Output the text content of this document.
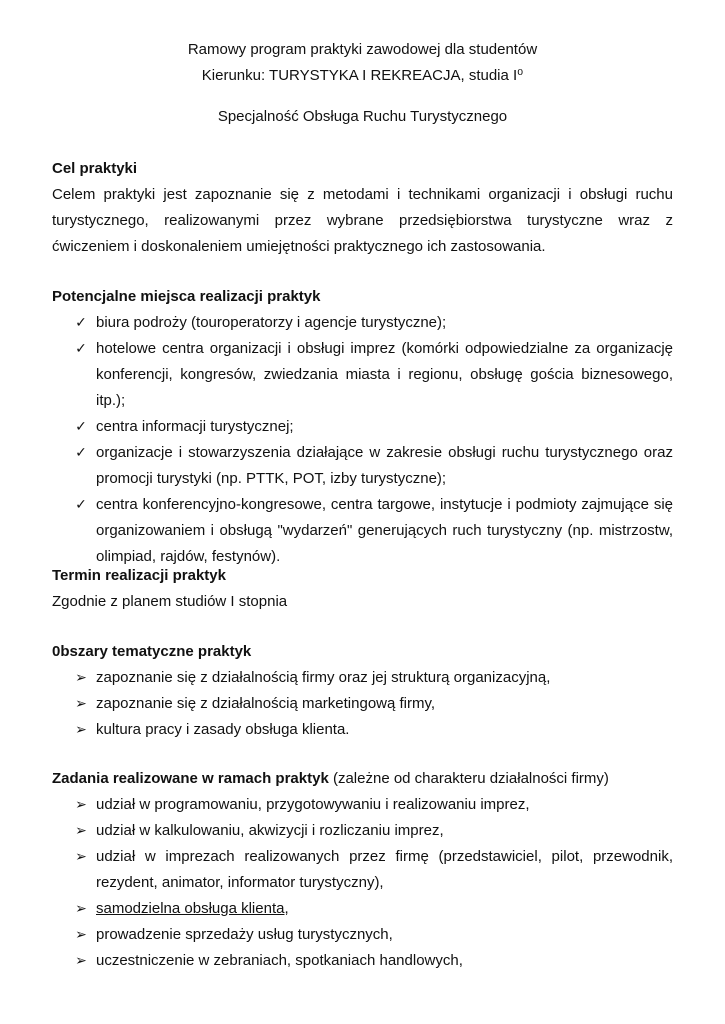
Ramowy program praktyki zawodowej dla studentów
Kierunku: TURYSTYKA I REKREACJA, studia I⁰
Specjalność Obsługa Ruchu Turystycznego
Cel praktyki

Celem praktyki jest zapoznanie się z metodami i technikami organizacji i obsługi ruchu turystycznego, realizowanymi przez wybrane przedsiębiorstwa turystyczne wraz z ćwiczeniem i doskonaleniem umiejętności praktycznego ich zastosowania.

Potencjalne miejsca realizacji praktyk
✓ biura podroży (touroperatorzy i agencje turystyczne);
✓ hotelowe centra organizacji i obsługi imprez (komórki odpowiedzialne za organizację konferencji, kongresów, zwiedzania miasta i regionu, obsługę gościa biznesowego, itp.);
✓ centra informacji turystycznej;
✓ organizacje i stowarzyszenia działające w zakresie obsługi ruchu turystycznego oraz promocji turystyki (np. PTTK, POT, izby turystyczne);
✓ centra konferencyjno-kongresowe, centra targowe, instytucje i podmioty zajmujące się organizowaniem i obsługą "wydarzeń" generujących ruch turystyczny (np. mistrzostw, olimpiad, rajdów, festynów).
Termin realizacji praktyk

Zgodnie z planem studiów I stopnia

0bszary tematyczne praktyk
➢ zapoznanie się z działalnością firmy oraz jej strukturą organizacyjną,
➢ zapoznanie się z działalnością marketingową firmy,
➢ kultura pracy i zasady obsługa klienta.
Zadania realizowane w ramach praktyk (zależne od charakteru działalności firmy)
➢ udział w programowaniu, przygotowywaniu i realizowaniu imprez,
➢ udział w kalkulowaniu, akwizycji i rozliczaniu imprez,
➢ udział w imprezach realizowanych przez firmę (przedstawiciel, pilot, przewodnik, rezydent, animator, informator turystyczny),
➢ samodzielna obsługa klienta,
➢ prowadzenie sprzedaży usług turystycznych,
➢ uczestniczenie w zebraniach, spotkaniach handlowych,
